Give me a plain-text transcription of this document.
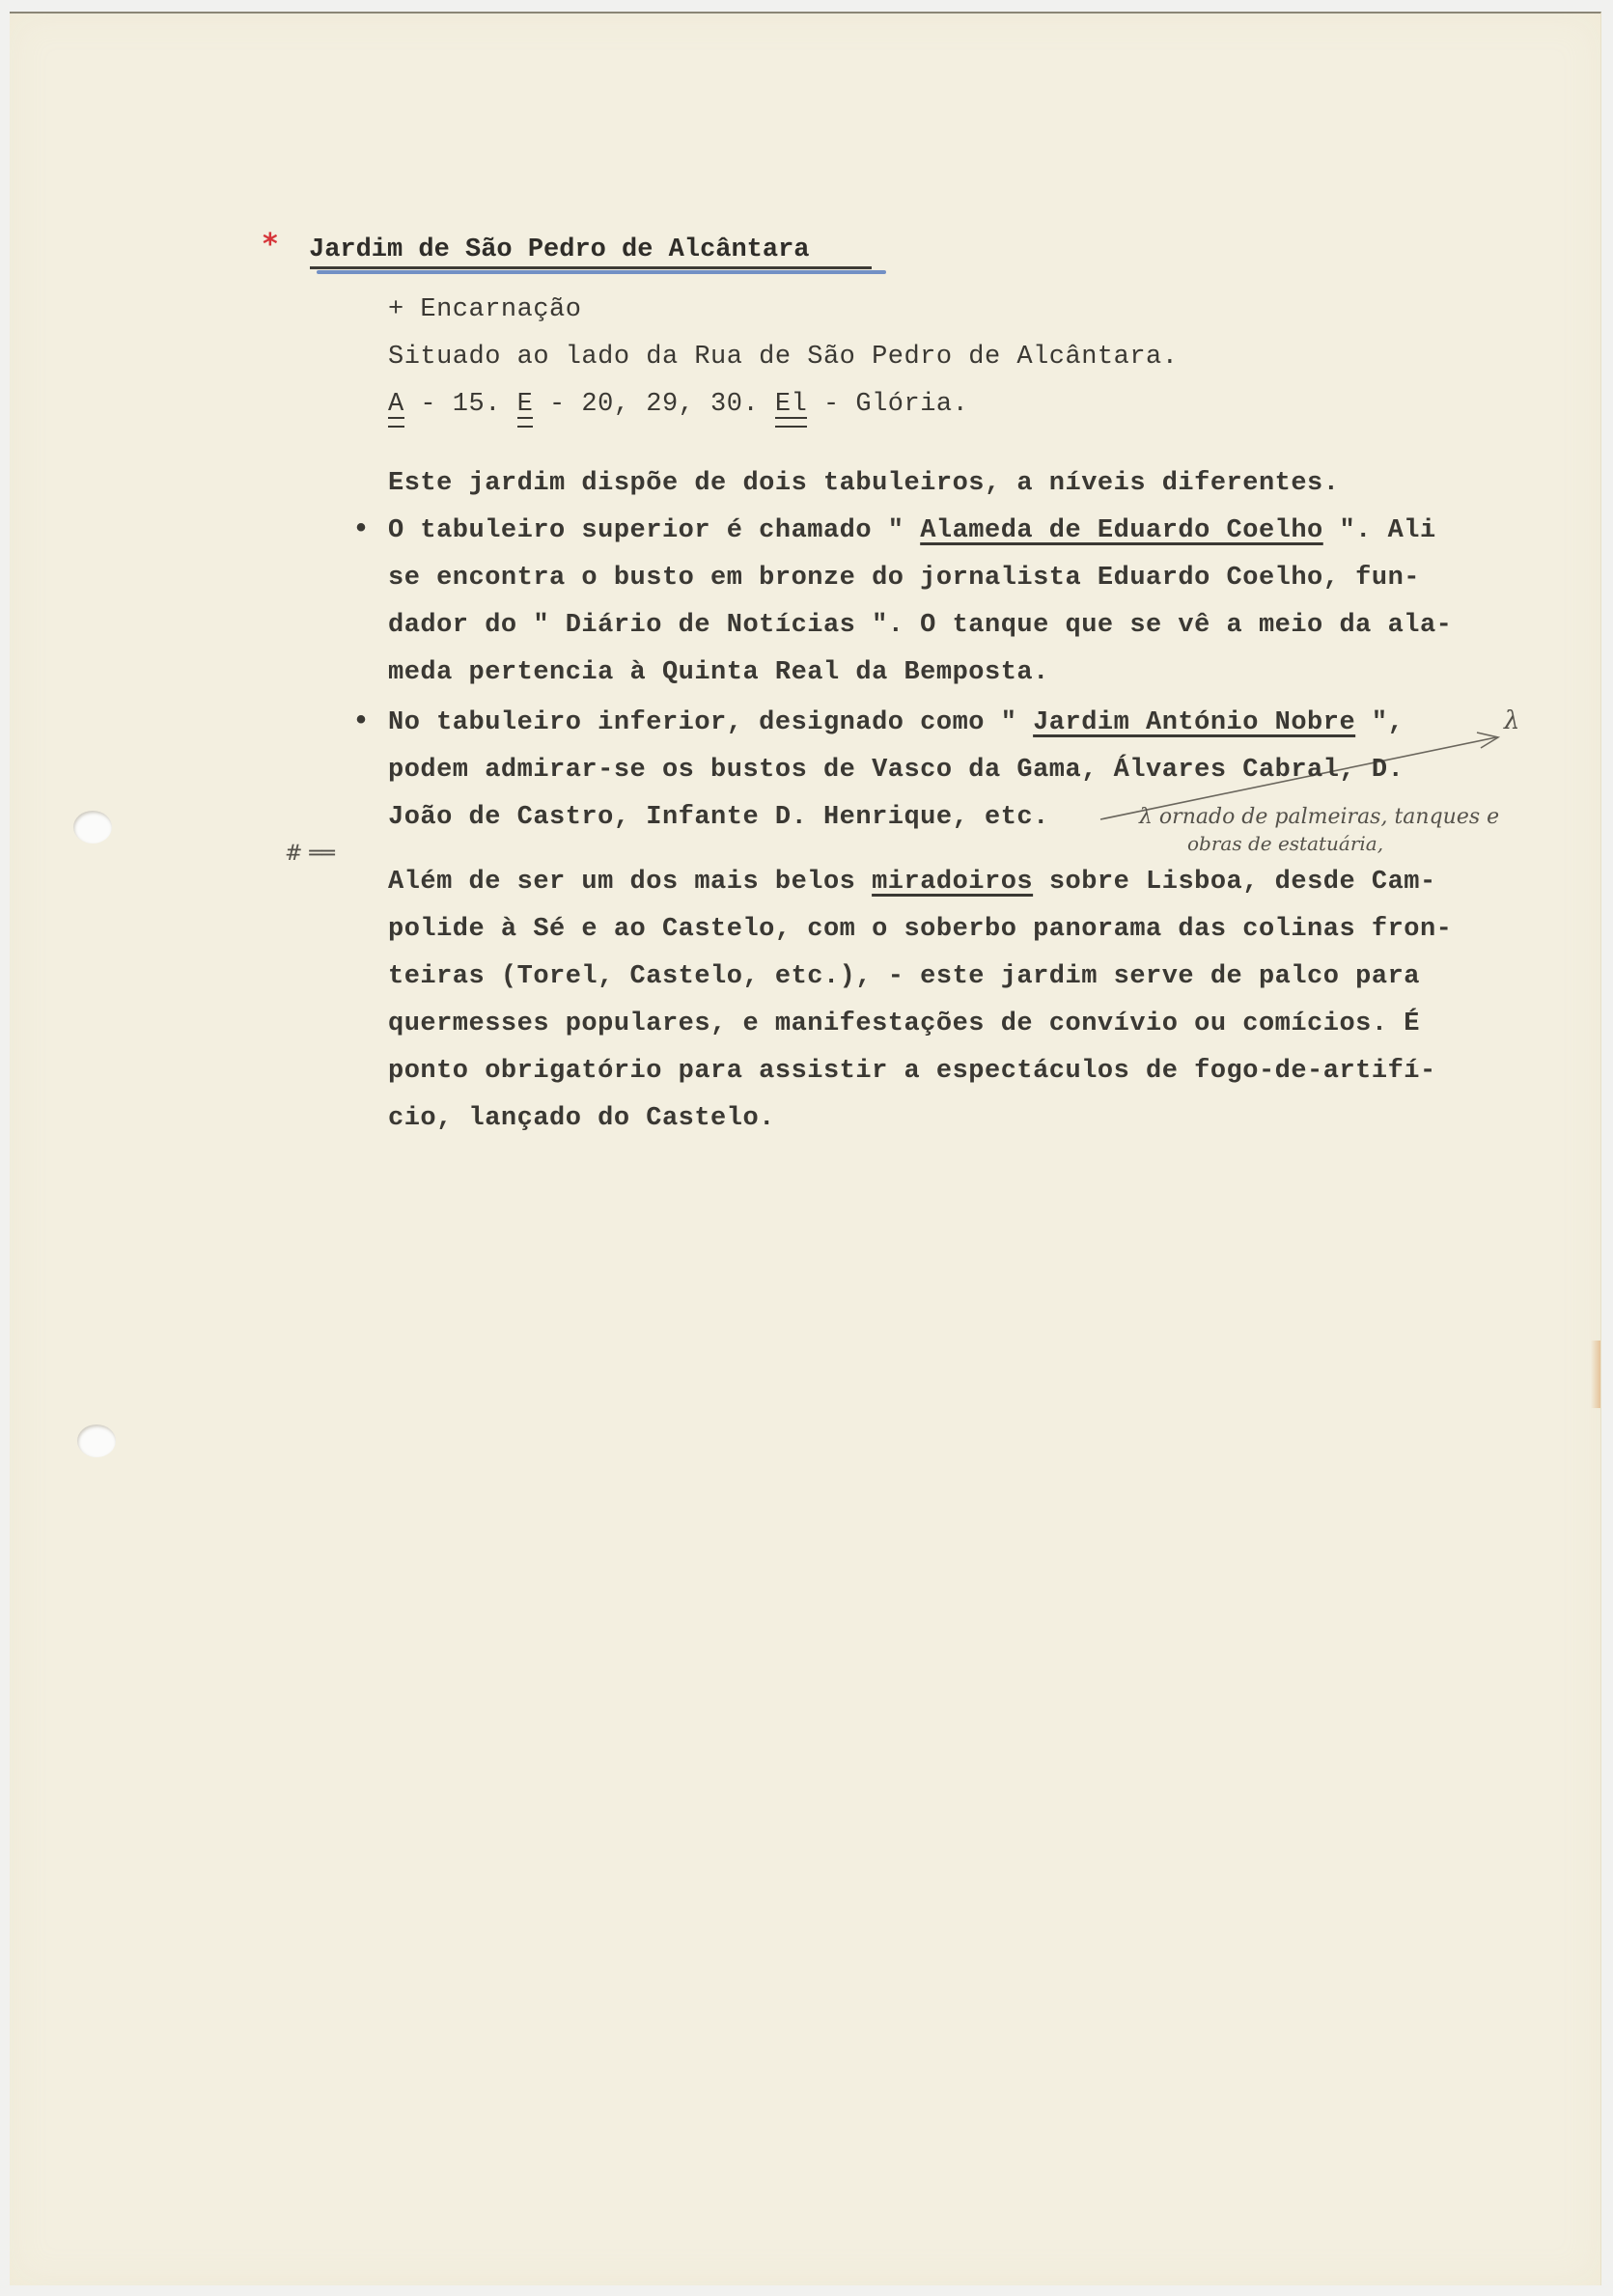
* Jardim de São Pedro de Alcântara
+ Encarnação
Situado ao lado da Rua de São Pedro de Alcântara.
A - 15. E - 20, 29, 30. El - Glória.
Este jardim dispõe de dois tabuleiros, a níveis diferentes.
• O tabuleiro superior é chamado " Alameda de Eduardo Coelho ". Ali
se encontra o busto em bronze do jornalista Eduardo Coelho, fun-
dador do " Diário de Notícias ". O tanque que se vê a meio da ala-
meda pertencia à Quinta Real da Bemposta.
• No tabuleiro inferior, designado como " Jardim António Nobre ",	λ
podem admirar-se os bustos de Vasco da Gama, Álvares Cabral, D.
João de Castro, Infante D. Henrique, etc.	λ ornado de palmeiras, tanques e
obras de estatuária,
# ══
Além de ser um dos mais belos miradoiros sobre Lisboa, desde Cam-
polide à Sé e ao Castelo, com o soberbo panorama das colinas fron-
teiras (Torel, Castelo, etc.), - este jardim serve de palco para
quermesses populares, e manifestações de convívio ou comícios. É
ponto obrigatório para assistir a espectáculos de fogo-de-artifí-
cio, lançado do Castelo.
